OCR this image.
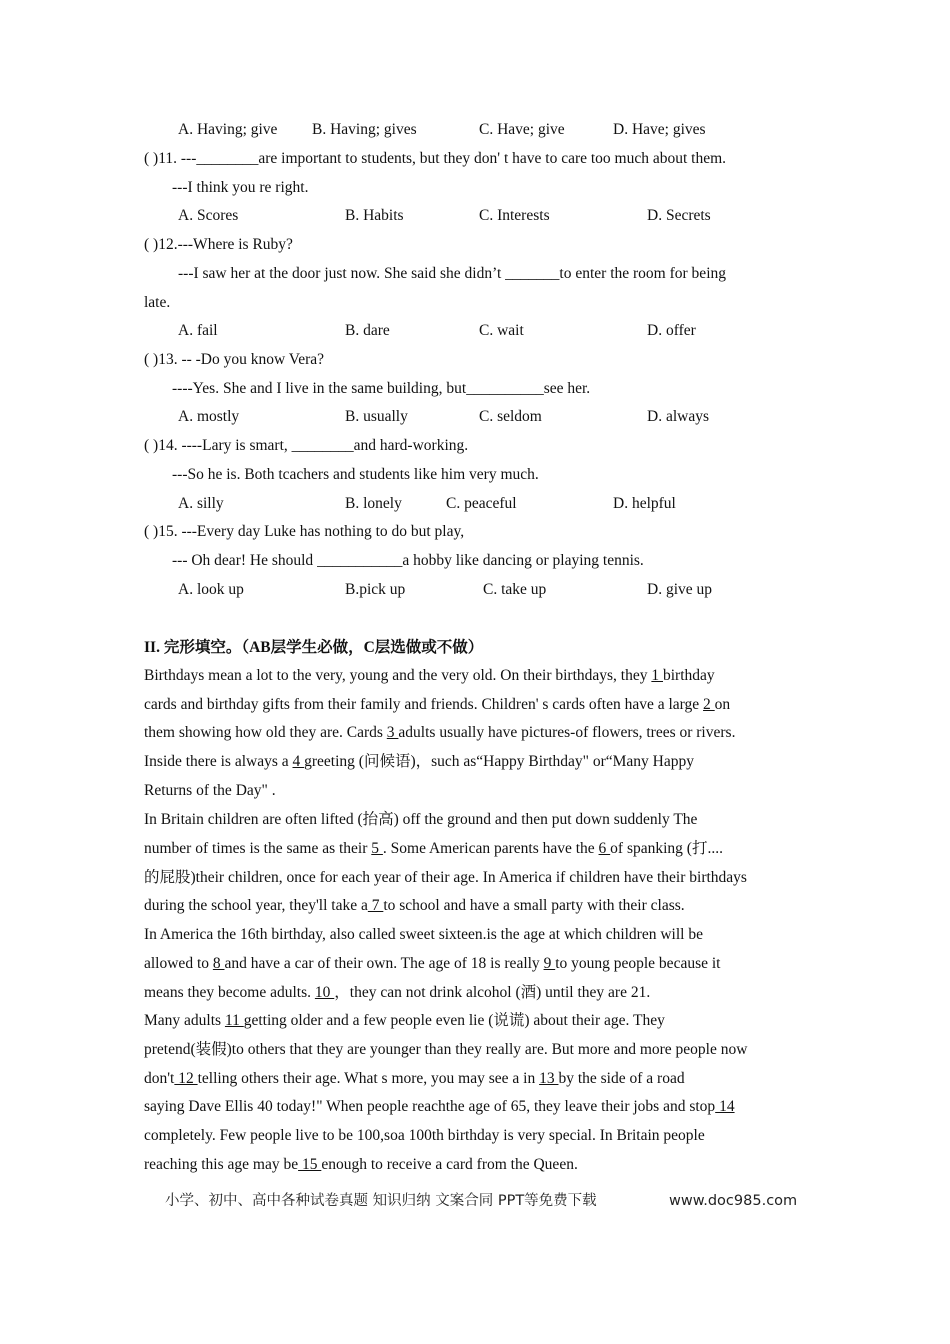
A. Having; give B. Having; gives	C. Have; give	D. Have; gives
( )11. ---________are important to students, but they don' t have to care too much about them.
---I think you re right.
A. Scores	B. Habits	C. Interests	D. Secrets
( )12.---Where is Ruby?
---I saw her at the door just now. She said she didn’t _______to enter the room for being
late.
A. fail	B. dare	C. wait	D. offer
( )13. -- -Do you know Vera?
----Yes. She and I live in the same building, but__________see her.
A. mostly	B. usually	C. seldom	D. always
( )14. ----Lary is smart, ________and hard-working.
---So he is. Both tcachers and students like him very much.
A. silly	B. lonely	C. peaceful	D. helpful
( )15. ---Every day Luke has nothing to do but play,
--- Oh dear! He should ___________a hobby like dancing or playing tennis.
A. look up	B.pick up	C. take up	D. give up
II. 完形填空。（AB层学生必做，C层选做或不做）
Birthdays mean a lot to the very, young and the very old. On their birthdays, they 1 birthday
cards and birthday gifts from their family and friends. Children' s cards often have a large 2 on
them showing how old they are. Cards 3 adults usually have pictures-of flowers, trees or rivers.
Inside there is always a 4 greeting (问候语)，such as“Happy Birthday" or“Many Happy
Returns of the Day" .
In Britain children are often lifted (抬高) off the ground and then put down suddenly The
number of times is the same as their 5 . Some American parents have the 6 of spanking (打....
的屁股)their children, once for each year of their age. In America if children have their birthdays
during the school year, they'll take a 7 to school and have a small party with their class.
In America the 16th birthday, also called sweet sixteen.is the age at which children will be
allowed to 8 and have a car of their own. The age of 18 is really 9 to young people because it
means they become adults. 10 ，they can not drink alcohol (酒) until they are 21.
Many adults 11 getting older and a few people even lie (说谎) about their age. They
pretend(装假)to others that they are younger than they really are. But more and more people now
don't 12 telling others their age. What s more, you may see a in 13 by the side of a road
saying Dave Ellis 40 today!" When people reachthe age of 65, they leave their jobs and stop 14
completely. Few people live to be 100,soa 100th birthday is very special. In Britain people
reaching this age may be 15 enough to receive a card from the Queen.
小学、初中、高中各种试卷真题 知识归纳 文案合同 PPT等免费下载	www.doc985.com
